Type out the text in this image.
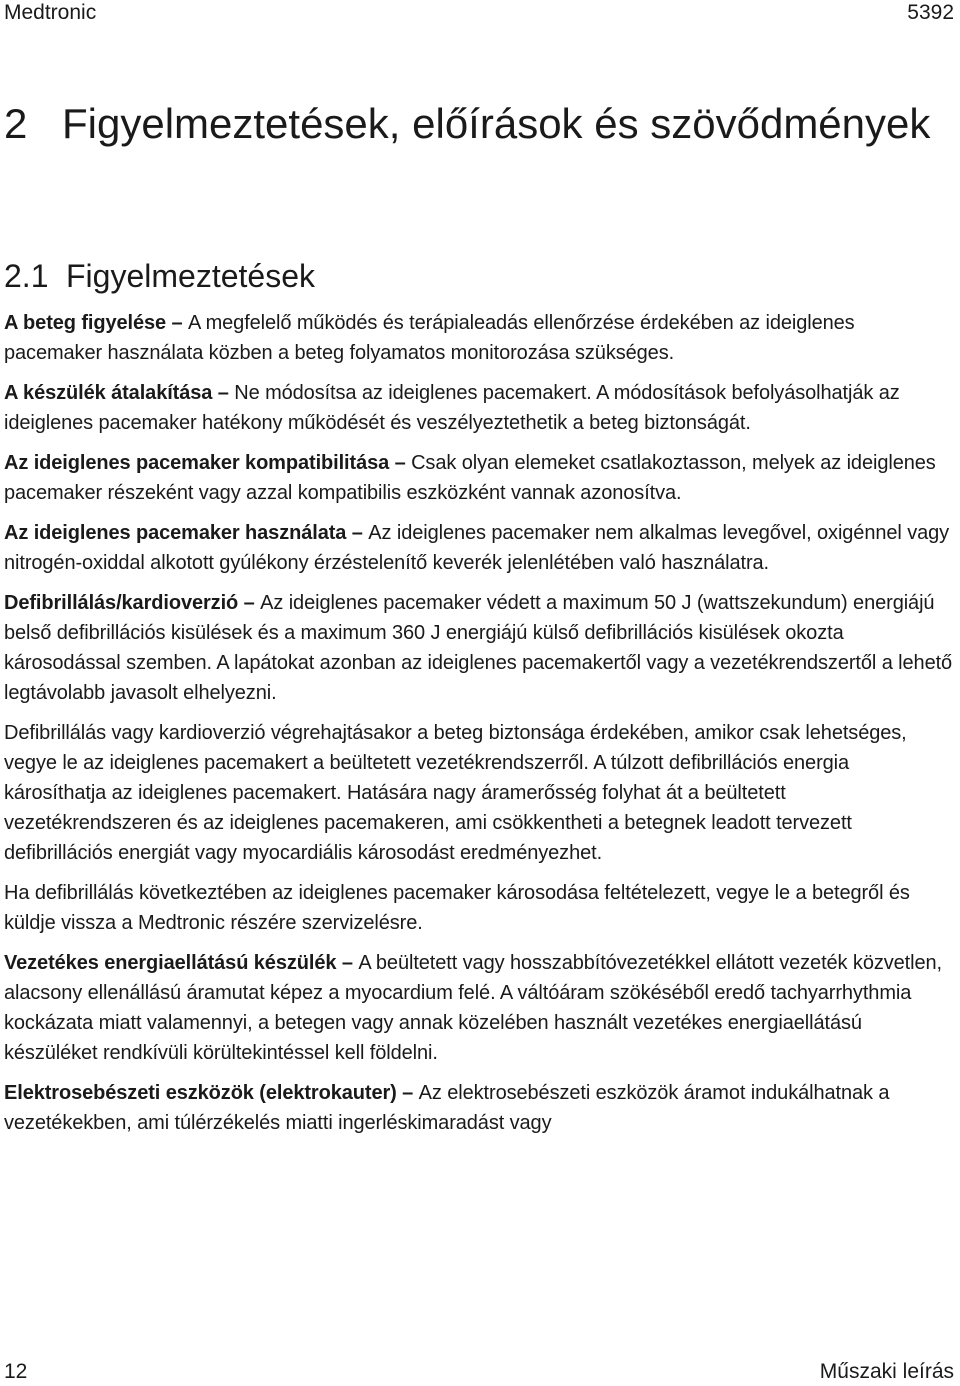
Medtronic	5392
2 Figyelmeztetések, előírások és szövődmények
2.1 Figyelmeztetések

A beteg figyelése – A megfelelő működés és terápialeadás ellenőrzése érdekében az ideiglenes pacemaker használata közben a beteg folyamatos monitorozása szükséges.

A készülék átalakítása – Ne módosítsa az ideiglenes pacemakert. A módosítások befolyásolhatják az ideiglenes pacemaker hatékony működését és veszélyeztethetik a beteg biztonságát.

Az ideiglenes pacemaker kompatibilitása – Csak olyan elemeket csatlakoztasson, melyek az ideiglenes pacemaker részeként vagy azzal kompatibilis eszközként vannak azonosítva.

Az ideiglenes pacemaker használata – Az ideiglenes pacemaker nem alkalmas levegővel, oxigénnel vagy nitrogén-oxiddal alkotott gyúlékony érzéstelenítő keverék jelenlétében való használatra.

Defibrillálás/kardioverzió – Az ideiglenes pacemaker védett a maximum 50 J (wattszekundum) energiájú belső defibrillációs kisülések és a maximum 360 J energiájú külső defibrillációs kisülések okozta károsodással szemben. A lapátokat azonban az ideiglenes pacemakertől vagy a vezetékrendszertől a lehető legtávolabb javasolt elhelyezni.

Defibrillálás vagy kardioverzió végrehajtásakor a beteg biztonsága érdekében, amikor csak lehetséges, vegye le az ideiglenes pacemakert a beültetett vezetékrendszerről. A túlzott defibrillációs energia károsíthatja az ideiglenes pacemakert. Hatására nagy áramerősség folyhat át a beültetett vezetékrendszeren és az ideiglenes pacemakeren, ami csökkentheti a betegnek leadott tervezett defibrillációs energiát vagy myocardiális károsodást eredményezhet.

Ha defibrillálás következtében az ideiglenes pacemaker károsodása feltételezett, vegye le a betegről és küldje vissza a Medtronic részére szervizelésre.

Vezetékes energiaellátású készülék – A beültetett vagy hosszabbítóvezetékkel ellátott vezeték közvetlen, alacsony ellenállású áramutat képez a myocardium felé. A váltóáram szökéséből eredő tachyarrhythmia kockázata miatt valamennyi, a betegen vagy annak közelében használt vezetékes energiaellátású készüléket rendkívüli körültekintéssel kell földelni.

Elektrosebészeti eszközök (elektrokauter) – Az elektrosebészeti eszközök áramot indukálhatnak a vezetékekben, ami túlérzékelés miatti ingerléskimaradást vagy

12	Műszaki leírás
